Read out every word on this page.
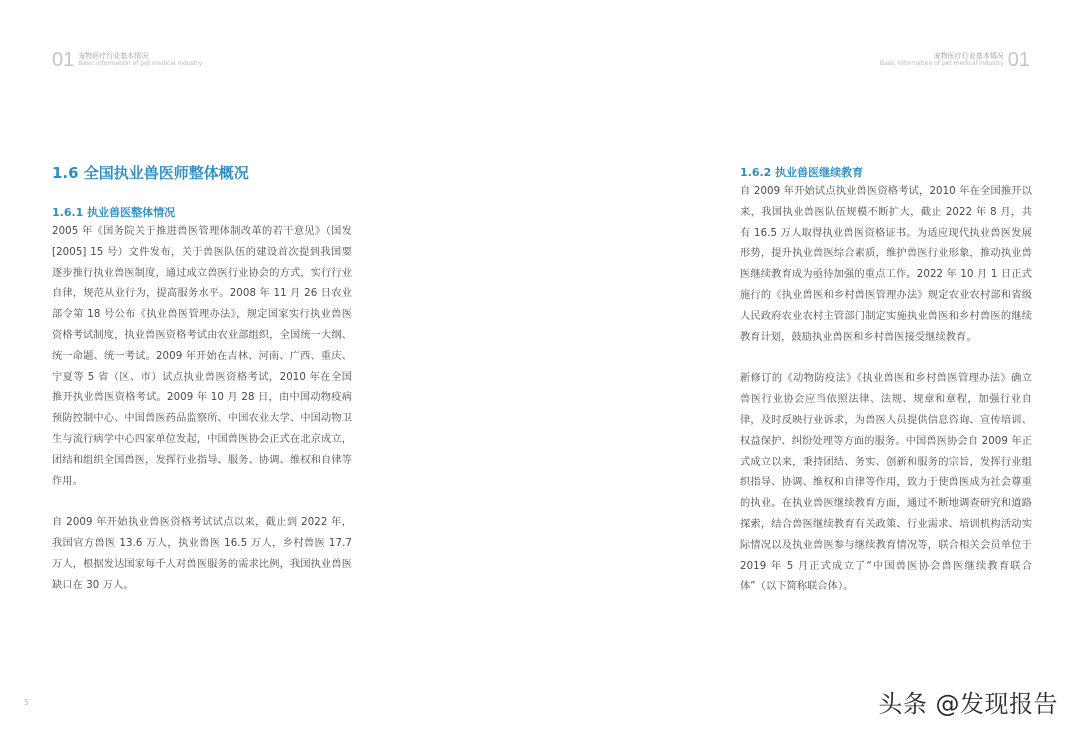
01 宠物医疗行业基本情况
Basic information of pet medical industry
宠物医疗行业基本情况
Basic information of pet medical industry 01
1.6 全国执业兽医师整体概况
1.6.1 执业兽医整体情况

2005 年《国务院关于推进兽医管理体制改革的若干意见》（国发 [2005] 15 号）文件发布，关于兽医队伍的建设首次提到我国要逐步推行执业兽医制度，通过成立兽医行业协会的方式，实行行业自律，规范从业行为，提高服务水平。2008 年 11 月 26 日农业部令第 18 号公布《执业兽医管理办法》，规定国家实行执业兽医资格考试制度，执业兽医资格考试由农业部组织，全国统一大纲、统一命题、统一考试。2009 年开始在吉林、河南、广西、重庆、宁夏等 5 省（区、市）试点执业兽医资格考试，2010 年在全国推开执业兽医资格考试。2009 年 10 月 28 日，由中国动物疫病预防控制中心、中国兽医药品监察所、中国农业大学、中国动物卫生与流行病学中心四家单位发起，中国兽医协会正式在北京成立，团结和组织全国兽医，发挥行业指导、服务、协调、维权和自律等作用。

自 2009 年开始执业兽医资格考试试点以来，截止到 2022 年，我国官方兽医 13.6 万人，执业兽医 16.5 万人，乡村兽医 17.7 万人，根据发达国家每千人对兽医服务的需求比例，我国执业兽医缺口在 30 万人。

1.6.2 执业兽医继续教育

自 2009 年开始试点执业兽医资格考试，2010 年在全国推开以来，我国执业兽医队伍规模不断扩大，截止 2022 年 8 月，共有 16.5 万人取得执业兽医资格证书。为适应现代执业兽医发展形势，提升执业兽医综合素质，维护兽医行业形象，推动执业兽医继续教育成为亟待加强的重点工作。2022 年 10 月 1 日正式施行的《执业兽医和乡村兽医管理办法》规定农业农村部和省级人民政府农业农村主管部门制定实施执业兽医和乡村兽医的继续教育计划，鼓励执业兽医和乡村兽医接受继续教育。

新修订的《动物防疫法》《执业兽医和乡村兽医管理办法》确立兽医行业协会应当依照法律、法规、规章和章程，加强行业自律，及时反映行业诉求，为兽医人员提供信息咨询、宣传培训、权益保护、纠纷处理等方面的服务。中国兽医协会自 2009 年正式成立以来，秉持团结、务实、创新和服务的宗旨，发挥行业组织指导、协调、维权和自律等作用，致力于使兽医成为社会尊重的执业。在执业兽医继续教育方面，通过不断地调查研究和道路探索，结合兽医继续教育有关政策、行业需求、培训机构活动实际情况以及执业兽医参与继续教育情况等，联合相关会员单位于 2019 年 5 月正式成立了“中国兽医协会兽医继续教育联合体”（以下简称联合体）。

5	头条 @发现报告
